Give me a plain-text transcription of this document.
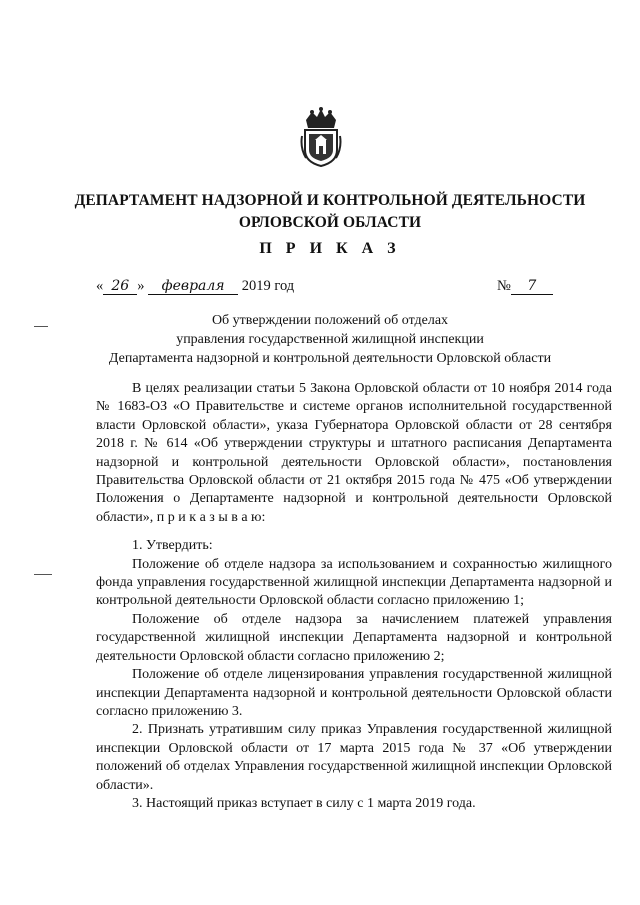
ДЕПАРТАМЕНТ НАДЗОРНОЙ И КОНТРОЛЬНОЙ ДЕЯТЕЛЬНОСТИ
ОРЛОВСКОЙ ОБЛАСТИ
П Р И К А З
« 26 » февраля 2019 год	№ 7
Об утверждении положений об отделах
управления государственной жилищной инспекции
Департамента надзорной и контрольной деятельности Орловской области

В целях реализации статьи 5 Закона Орловской области от 10 ноября 2014 года № 1683-ОЗ «О Правительстве и системе органов исполнительной государственной власти Орловской области», указа Губернатора Орловской области от 28 сентября 2018 г. № 614 «Об утверждении структуры и штатного расписания Департамента надзорной и контрольной деятельности Орловской области», постановления Правительства Орловской области от 21 октября 2015 года № 475 «Об утверждении Положения о Департаменте надзорной и контрольной деятельности Орловской области», п р и к а з ы в а ю:

1. Утвердить:

Положение об отделе надзора за использованием и сохранностью жилищного фонда управления государственной жилищной инспекции Департамента надзорной и контрольной деятельности Орловской области согласно приложению 1;

Положение об отделе надзора за начислением платежей управления государственной жилищной инспекции Департамента надзорной и контрольной деятельности Орловской области согласно приложению 2;

Положение об отделе лицензирования управления государственной жилищной инспекции Департамента надзорной и контрольной деятельности Орловской области согласно приложению 3.

2. Признать утратившим силу приказ Управления государственной жилищной инспекции Орловской области от 17 марта 2015 года № 37 «Об утверждении положений об отделах Управления государственной жилищной инспекции Орловской области».

3. Настоящий приказ вступает в силу с 1 марта 2019 года.
